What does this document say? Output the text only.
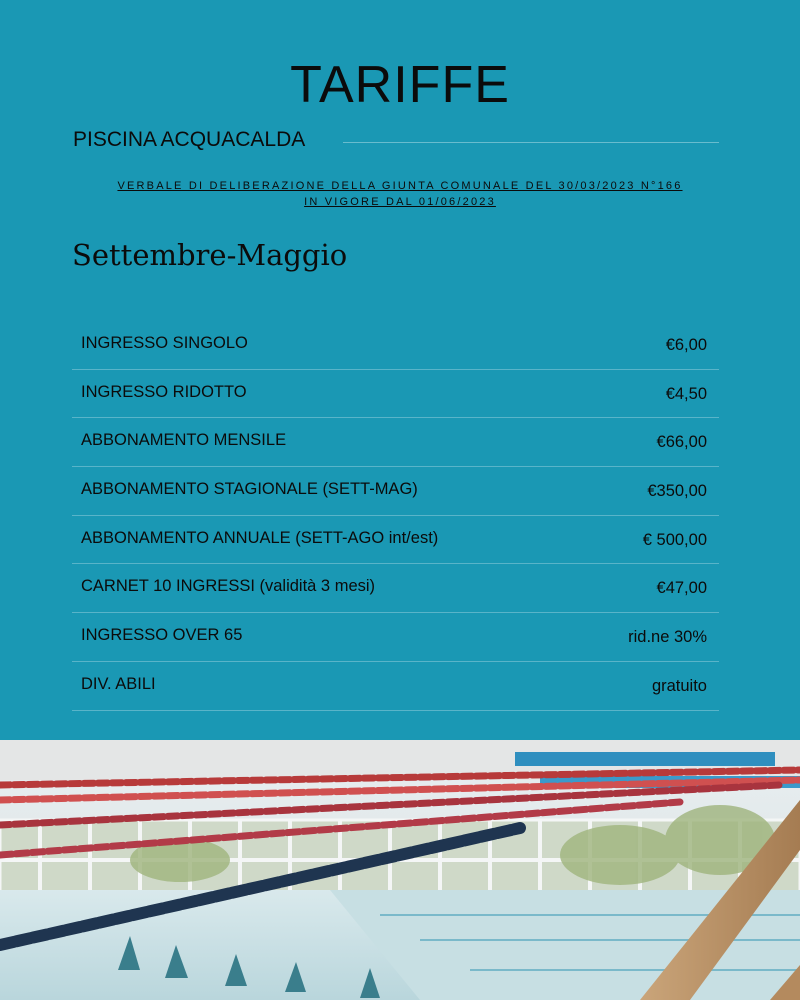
TARIFFE
PISCINA ACQUACALDA
VERBALE DI DELIBERAZIONE DELLA GIUNTA COMUNALE DEL 30/03/2023 N°166
IN VIGORE DAL 01/06/2023
Settembre-Maggio
INGRESSO SINGOLO	€6,00
INGRESSO RIDOTTO	€4,50
ABBONAMENTO MENSILE	€66,00
ABBONAMENTO STAGIONALE (SETT-MAG)	€350,00
ABBONAMENTO ANNUALE (SETT-AGO int/est)	€ 500,00
CARNET 10 INGRESSI (validità 3 mesi)	€47,00
INGRESSO OVER 65	rid.ne 30%
DIV. ABILI	gratuito
